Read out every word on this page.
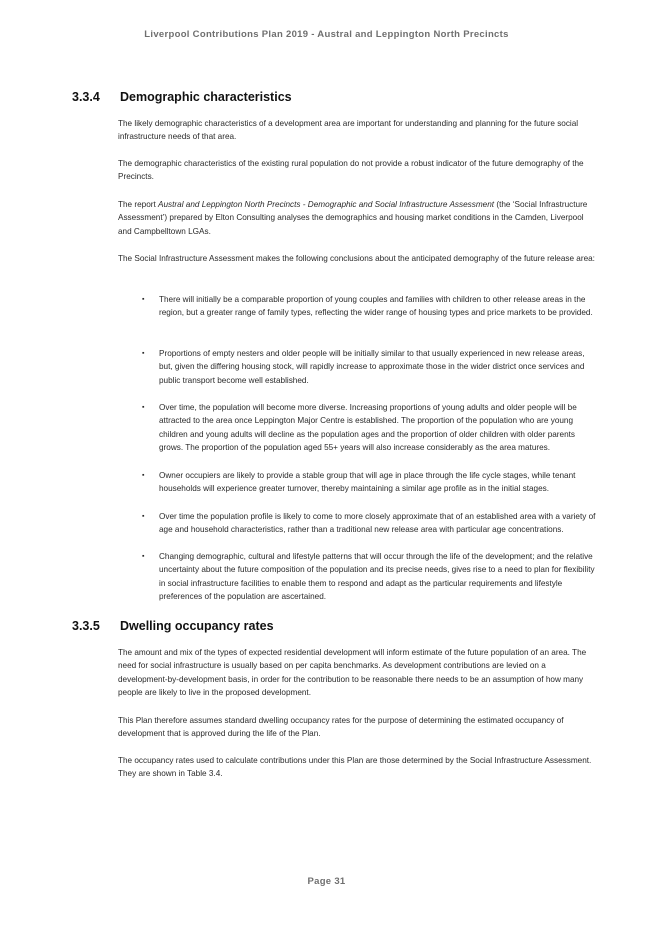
Liverpool Contributions Plan 2019 - Austral and Leppington North Precincts
3.3.4 Demographic characteristics

The likely demographic characteristics of a development area are important for understanding and planning for the future social infrastructure needs of that area.

The demographic characteristics of the existing rural population do not provide a robust indicator of the future demography of the Precincts.

The report Austral and Leppington North Precincts - Demographic and Social Infrastructure Assessment (the ‘Social Infrastructure Assessment’) prepared by Elton Consulting analyses the demographics and housing market conditions in the Camden, Liverpool and Campbelltown LGAs.

The Social Infrastructure Assessment makes the following conclusions about the anticipated demography of the future release area:

▪ There will initially be a comparable proportion of young couples and families with children to other release areas in the region, but a greater range of family types, reflecting the wider range of housing types and price markets to be provided.
▪ Proportions of empty nesters and older people will be initially similar to that usually experienced in new release areas, but, given the differing housing stock, will rapidly increase to approximate those in the wider district once services and public transport become well established.
▪ Over time, the population will become more diverse. Increasing proportions of young adults and older people will be attracted to the area once Leppington Major Centre is established. The proportion of the population who are young children and young adults will decline as the population ages and the proportion of older children with older parents grows. The proportion of the population aged 55+ years will also increase considerably as the area matures.
▪ Owner occupiers are likely to provide a stable group that will age in place through the life cycle stages, while tenant households will experience greater turnover, thereby maintaining a similar age profile as in the initial stages.
▪ Over time the population profile is likely to come to more closely approximate that of an established area with a variety of age and household characteristics, rather than a traditional new release area with particular age concentrations.
▪ Changing demographic, cultural and lifestyle patterns that will occur through the life of the development; and the relative uncertainty about the future composition of the population and its precise needs, gives rise to a need to plan for flexibility in social infrastructure facilities to enable them to respond and adapt as the particular requirements and lifestyle preferences of the population are ascertained.
3.3.5 Dwelling occupancy rates

The amount and mix of the types of expected residential development will inform estimate of the future population of an area. The need for social infrastructure is usually based on per capita benchmarks. As development contributions are levied on a development-by-development basis, in order for the contribution to be reasonable there needs to be an assumption of how many people are likely to live in the proposed development.

This Plan therefore assumes standard dwelling occupancy rates for the purpose of determining the estimated occupancy of development that is approved during the life of the Plan.

The occupancy rates used to calculate contributions under this Plan are those determined by the Social Infrastructure Assessment. They are shown in Table 3.4.

Page 31
